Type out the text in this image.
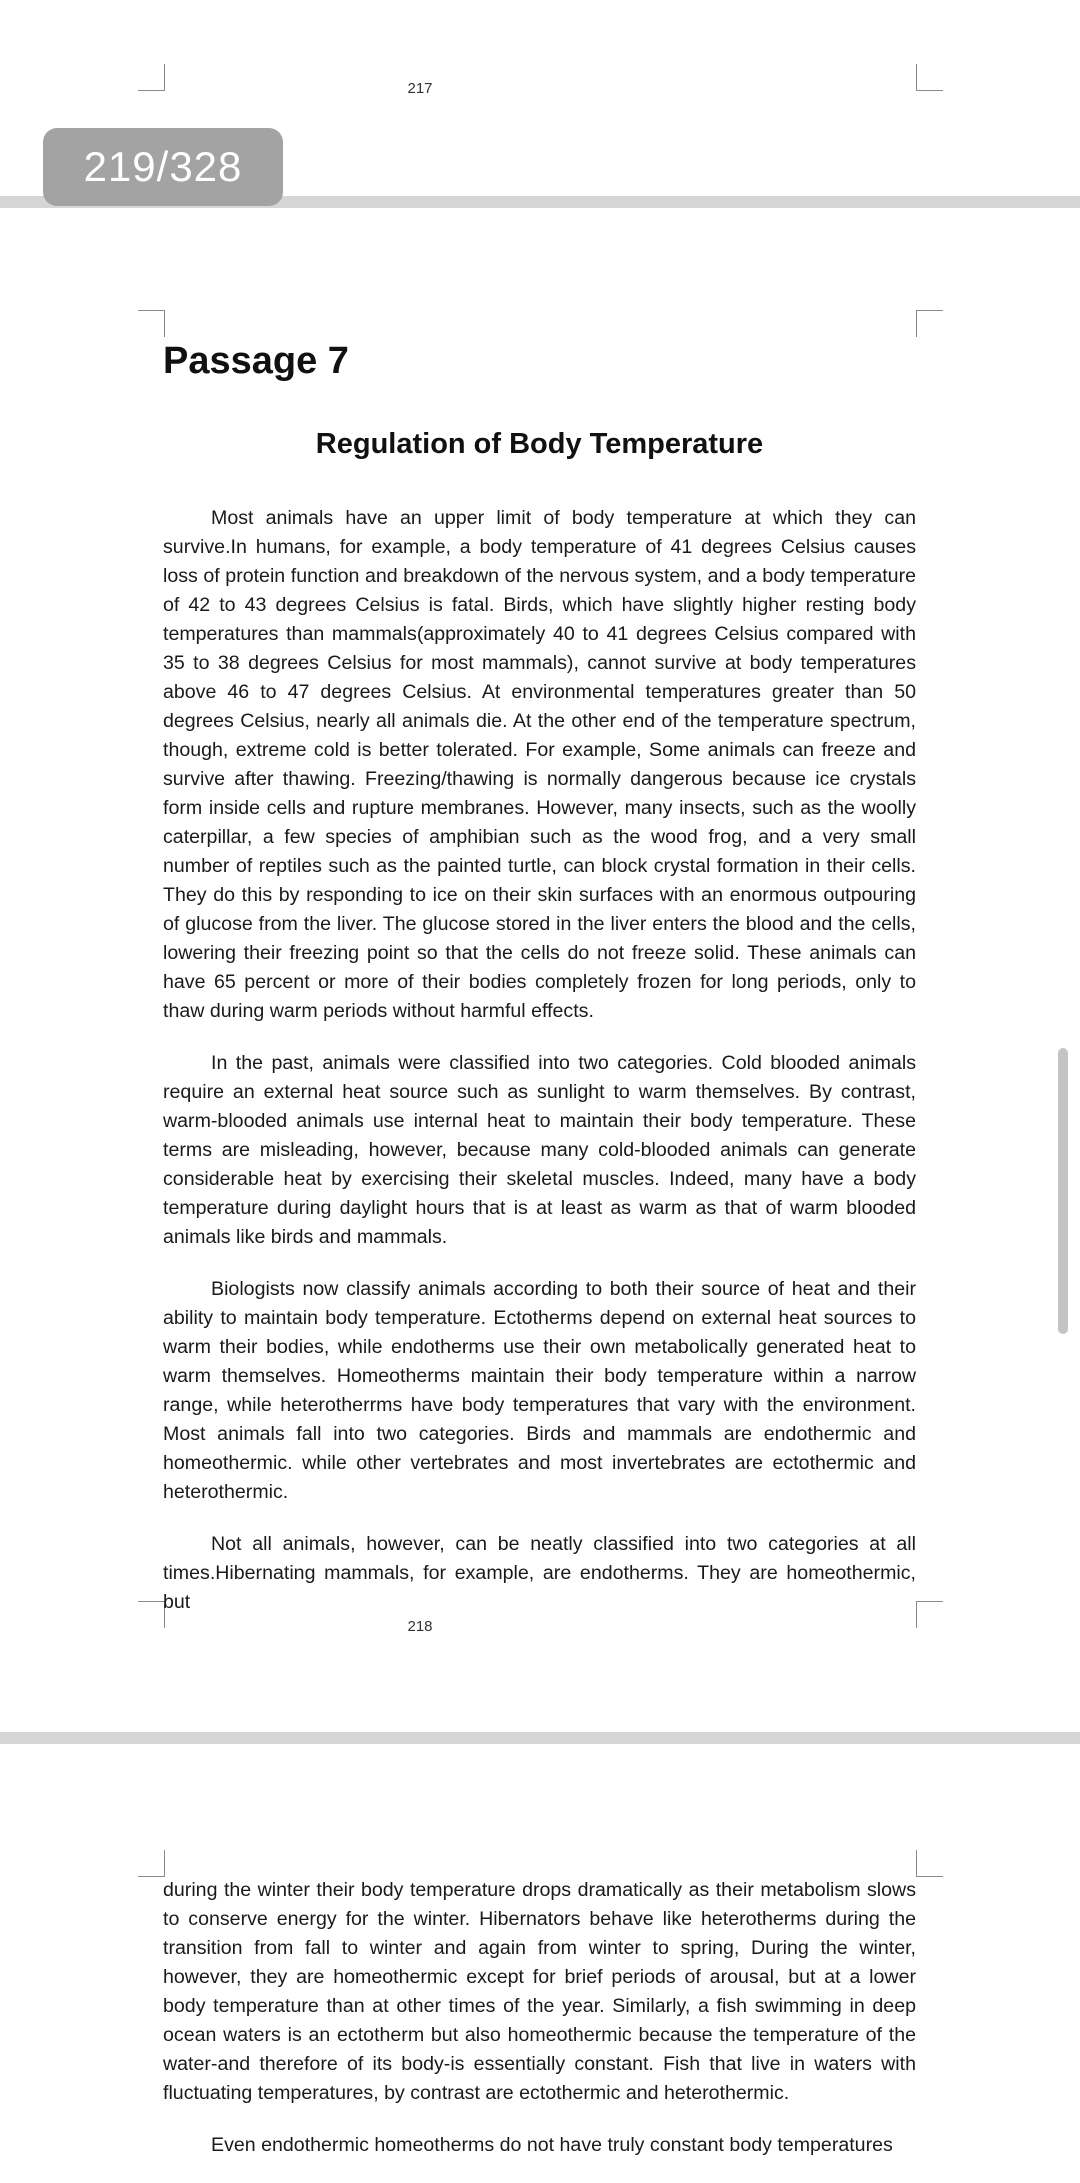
217
Passage 7
Regulation of Body Temperature

Most animals have an upper limit of body temperature at which they can survive.In humans, for example, a body temperature of 41 degrees Celsius causes loss of protein function and breakdown of the nervous system, and a body temperature of 42 to 43 degrees Celsius is fatal. Birds, which have slightly higher resting body temperatures than mammals(approximately 40 to 41 degrees Celsius compared with 35 to 38 degrees Celsius for most mammals), cannot survive at body temperatures above 46 to 47 degrees Celsius. At environmental temperatures greater than 50 degrees Celsius, nearly all animals die. At the other end of the temperature spectrum, though, extreme cold is better tolerated. For example, Some animals can freeze and survive after thawing. Freezing/thawing is normally dangerous because ice crystals form inside cells and rupture membranes. However, many insects, such as the woolly caterpillar, a few species of amphibian such as the wood frog, and a very small number of reptiles such as the painted turtle, can block crystal formation in their cells. They do this by responding to ice on their skin surfaces with an enormous outpouring of glucose from the liver. The glucose stored in the liver enters the blood and the cells, lowering their freezing point so that the cells do not freeze solid. These animals can have 65 percent or more of their bodies completely frozen for long periods, only to thaw during warm periods without harmful effects.

In the past, animals were classified into two categories. Cold blooded animals require an external heat source such as sunlight to warm themselves. By contrast, warm-blooded animals use internal heat to maintain their body temperature. These terms are misleading, however, because many cold-blooded animals can generate considerable heat by exercising their skeletal muscles. Indeed, many have a body temperature during daylight hours that is at least as warm as that of warm blooded animals like birds and mammals.

Biologists now classify animals according to both their source of heat and their ability to maintain body temperature. Ectotherms depend on external heat sources to warm their bodies, while endotherms use their own metabolically generated heat to warm themselves. Homeotherms maintain their body temperature within a narrow range, while heterotherrms have body temperatures that vary with the environment. Most animals fall into two categories. Birds and mammals are endothermic and homeothermic. while other vertebrates and most invertebrates are ectothermic and heterothermic.

Not all animals, however, can be neatly classified into two categories at all times.Hibernating mammals, for example, are endotherms. They are homeothermic, but

218

during the winter their body temperature drops dramatically as their metabolism slows to conserve energy for the winter. Hibernators behave like heterotherms during the transition from fall to winter and again from winter to spring, During the winter, however, they are homeothermic except for brief periods of arousal, but at a lower body temperature than at other times of the year. Similarly, a fish swimming in deep ocean waters is an ectotherm but also homeothermic because the temperature of the water-and therefore of its body-is essentially constant. Fish that live in waters with fluctuating temperatures, by contrast are ectothermic and heterothermic.

Even endothermic homeotherms do not have truly constant body temperatures

219/328
